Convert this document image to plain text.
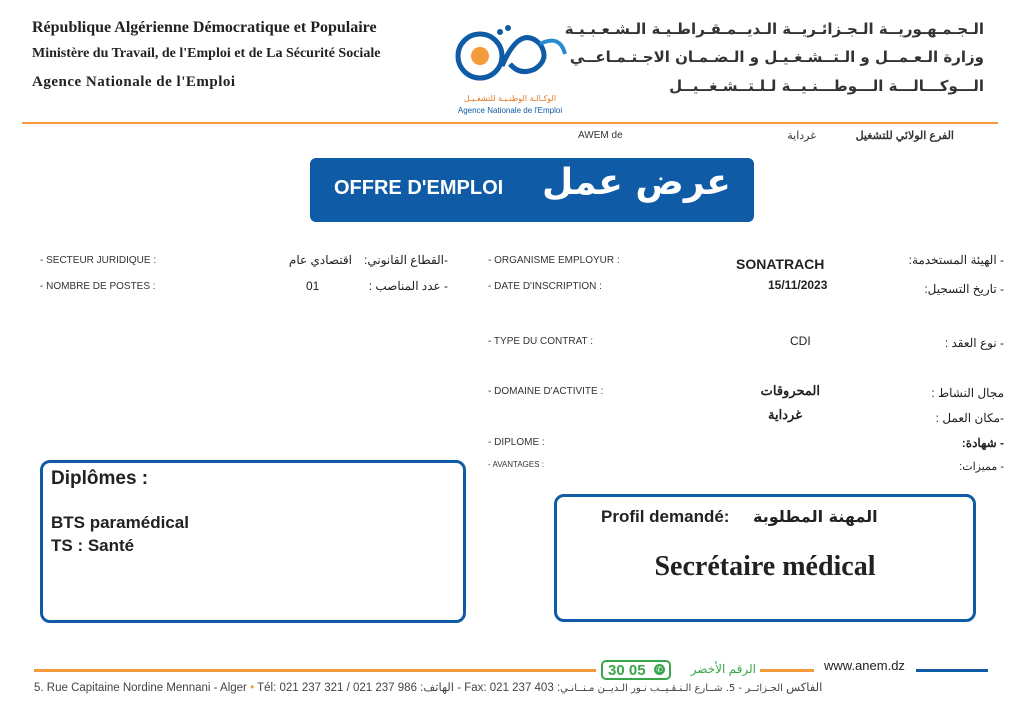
République Algérienne Démocratique et Populaire
Ministère du Travail, de l'Emploi et de La Sécurité Sociale
Agence Nationale de l'Emploi
الوكـالـة الوطنـيـة للتشغـيـل
Agence Nationale de l'Emploi
الـجـمـهـوريــة الـجـزائـريــة الـديــمـقـراطـيـة الـشـعـبـيـة
وزارة الـعـمــل و الـتــشـغـيـل و الـضـمـان الاجـتـمـاعــي
الـــوكـــالـــة الـــوطـــنـيــة لـلـتــشـغــيــل
AWEM de	غرداية	الفرع الولائي للتشغيل
OFFRE D'EMPLOI عرض عمل
- SECTEUR JURIDIQUE :	اقتصادي عام	-القطاع القانوني:
- NOMBRE DE POSTES :	01	- عدد المناصب :
- ORGANISME EMPLOYUR :	SONATRACH	- الهيئة المستخدمة:
- DATE D'INSCRIPTION :	15/11/2023	- تاريخ التسجيل:
- TYPE DU CONTRAT :	CDI	- نوع العقد :
- DOMAINE D'ACTIVITE :	المحروقات	مجال النشاط :
غرداية	-مكان العمل :
- DIPLOME :	- شهادة:
- AVANTAGES :	- مميزات:
Diplômes :
BTS paramédical
TS : Santé
Profil demandé: المهنة المطلوبة
Secrétaire médical
30 05 ✆	الرقم الأخضر	www.anem.dz
5. Rue Capitaine Nordine Mennani - Alger • Tél: 021 237 321 / 021 237 986 :الهاتف - Fax: 021 237 403 :الفاكس الجـزائــر - 5. شــارع الـنـقـيــب نـور الـديــن مـنــانـي
